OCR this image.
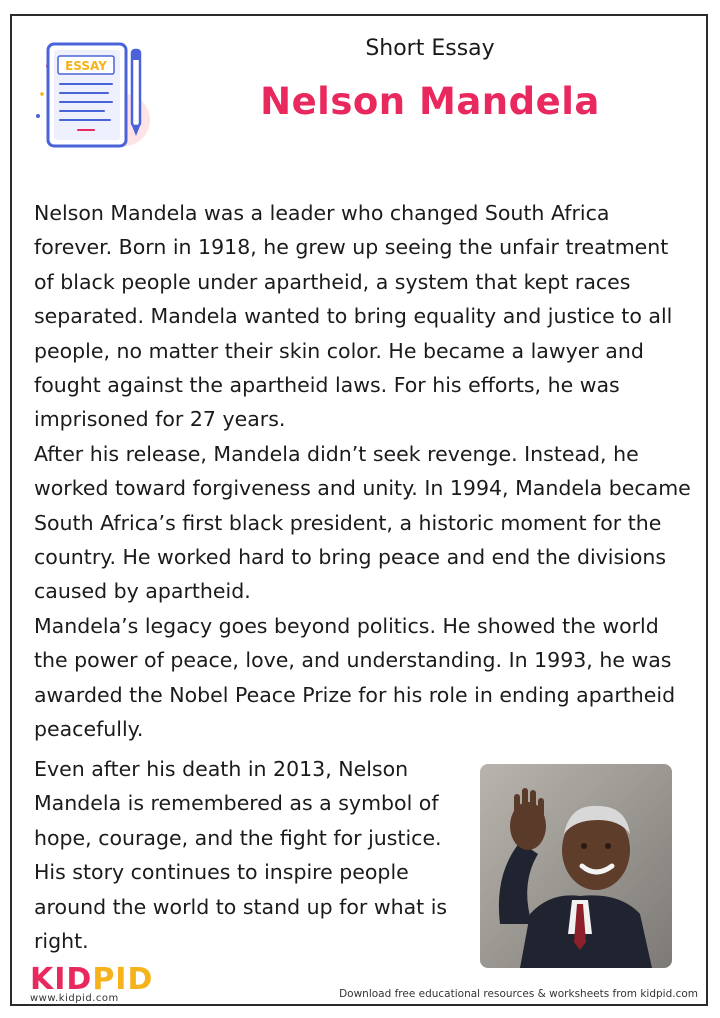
ESSAY
Short Essay
Nelson Mandela

Nelson Mandela was a leader who changed South Africa forever. Born in 1918, he grew up seeing the unfair treatment of black people under apartheid, a system that kept races separated. Mandela wanted to bring equality and justice to all people, no matter their skin color. He became a lawyer and fought against the apartheid laws. For his efforts, he was imprisoned for 27 years.

After his release, Mandela didn’t seek revenge. Instead, he worked toward forgiveness and unity. In 1994, Mandela became South Africa’s first black president, a historic moment for the country. He worked hard to bring peace and end the divisions caused by apartheid.

Mandela’s legacy goes beyond politics. He showed the world the power of peace, love, and understanding. In 1993, he was awarded the Nobel Peace Prize for his role in ending apartheid peacefully.

Even after his death in 2013, Nelson Mandela is remembered as a symbol of hope, courage, and the fight for justice. His story continues to inspire people around the world to stand up for what is right.

KIDPID
www.kidpid.com	Download free educational resources & worksheets from kidpid.com
